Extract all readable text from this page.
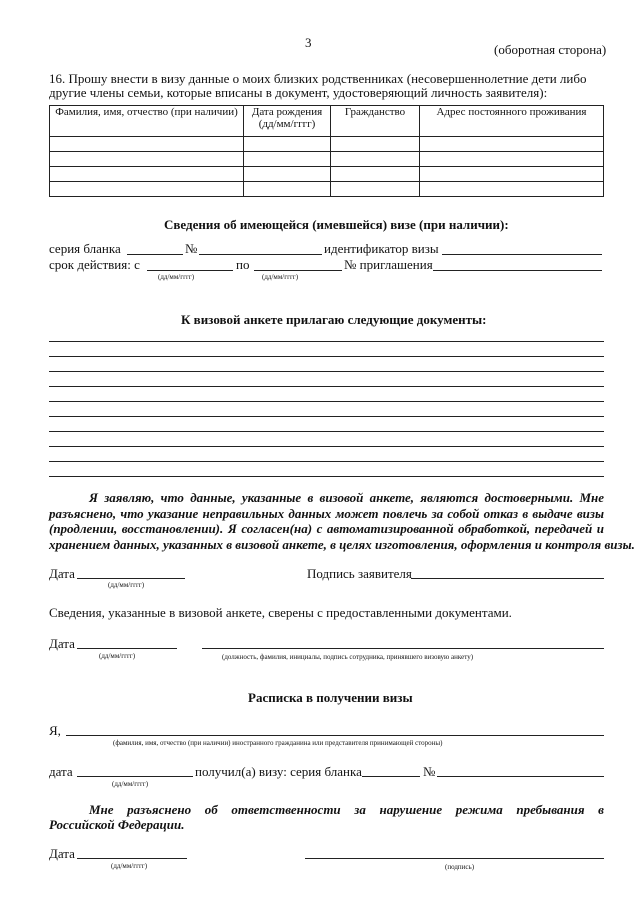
3	(оборотная сторона)
16. Прошу внести в визу данные о моих близких родственниках (несовершеннолетние дети либо
другие члены семьи, которые вписаны в документ, удостоверяющий личность заявителя):
Фамилия, имя, отчество (при наличии)	Дата рождения (дд/мм/гггг)	Гражданство	Адрес постоянного проживания

Сведения об имеющейся (имевшейся) визе (при наличии):
серия бланка	№	идентификатор визы
срок действия: с
(дд/мм/гггг)
по
(дд/мм/гггг)
№ приглашения
К визовой анкете прилагаю следующие документы:
Я заявляю, что данные, указанные в визовой анкете, являются достоверными. Мне
разъяснено, что указание неправильных данных может повлечь за собой отказ в выдаче визы
(продлении, восстановлении). Я согласен(на) с автоматизированной обработкой, передачей и
хранением данных, указанных в визовой анкете, в целях изготовления, оформления и контроля визы.
Дата
(дд/мм/гггг)
Подпись заявителя
Сведения, указанные в визовой анкете, сверены с предоставленными документами.
Дата
(дд/мм/гггг)	(должность, фамилия, инициалы, подпись сотрудника, принявшего визовую анкету)
Расписка в получении визы
Я,
(фамилия, имя, отчество (при наличии) иностранного гражданина или представителя принимающей стороны)
дата
(дд/мм/гггг)
получил(а) визу: серия бланка	№
Мне разъяснено об ответственности за нарушение режима пребывания в
Российской Федерации.
Дата
(дд/мм/гггг)	(подпись)
